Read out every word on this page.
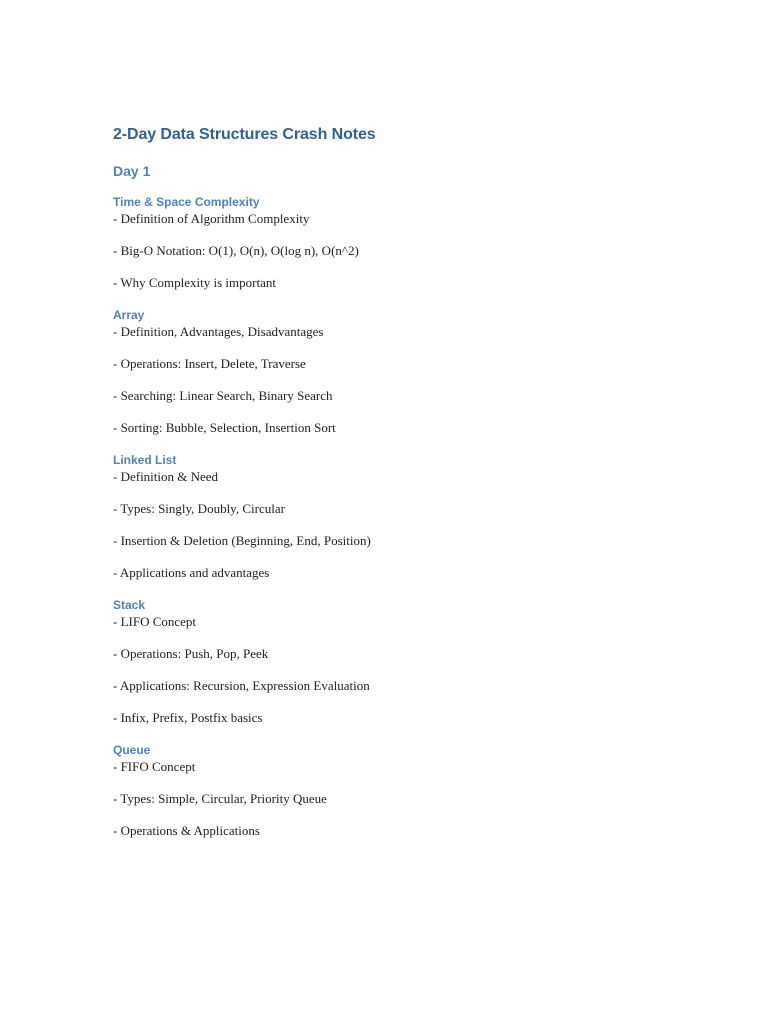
2-Day Data Structures Crash Notes
Day 1
Time & Space Complexity

- Definition of Algorithm Complexity

- Big-O Notation: O(1), O(n), O(log n), O(n^2)

- Why Complexity is important

Array

- Definition, Advantages, Disadvantages

- Operations: Insert, Delete, Traverse

- Searching: Linear Search, Binary Search

- Sorting: Bubble, Selection, Insertion Sort

Linked List

- Definition & Need

- Types: Singly, Doubly, Circular

- Insertion & Deletion (Beginning, End, Position)

- Applications and advantages

Stack

- LIFO Concept

- Operations: Push, Pop, Peek

- Applications: Recursion, Expression Evaluation

- Infix, Prefix, Postfix basics

Queue

- FIFO Concept

- Types: Simple, Circular, Priority Queue

- Operations & Applications
